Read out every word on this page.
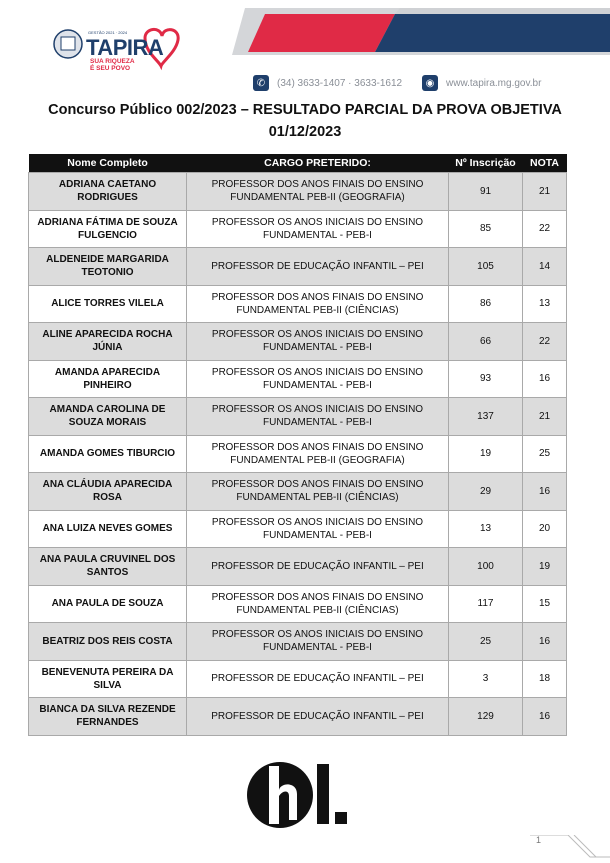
GESTÃO 2021 · 2024
TAPIRA
SUA RIQUEZA É SEU POVO
✆	(34) 3633-1407 · 3633-1612	◉	www.tapira.mg.gov.br
Concurso Público 002/2023 – RESULTADO PARCIAL DA PROVA OBJETIVA
01/12/2023
Nome Completo	CARGO PRETERIDO:	Nº Inscrição	NOTA
ADRIANA CAETANO RODRIGUES	PROFESSOR DOS ANOS FINAIS DO ENSINO FUNDAMENTAL PEB-II (GEOGRAFIA)	91	21
ADRIANA FÁTIMA DE SOUZA FULGENCIO	PROFESSOR OS ANOS INICIAIS DO ENSINO FUNDAMENTAL - PEB-I	85	22
ALDENEIDE MARGARIDA TEOTONIO	PROFESSOR DE EDUCAÇÃO INFANTIL – PEI	105	14
ALICE TORRES VILELA	PROFESSOR DOS ANOS FINAIS DO ENSINO FUNDAMENTAL PEB-II (CIÊNCIAS)	86	13
ALINE APARECIDA ROCHA JÚNIA	PROFESSOR OS ANOS INICIAIS DO ENSINO FUNDAMENTAL - PEB-I	66	22
AMANDA APARECIDA PINHEIRO	PROFESSOR OS ANOS INICIAIS DO ENSINO FUNDAMENTAL - PEB-I	93	16
AMANDA CAROLINA DE SOUZA MORAIS	PROFESSOR OS ANOS INICIAIS DO ENSINO FUNDAMENTAL - PEB-I	137	21
AMANDA GOMES TIBURCIO	PROFESSOR DOS ANOS FINAIS DO ENSINO FUNDAMENTAL PEB-II (GEOGRAFIA)	19	25
ANA CLÁUDIA APARECIDA ROSA	PROFESSOR DOS ANOS FINAIS DO ENSINO FUNDAMENTAL PEB-II (CIÊNCIAS)	29	16
ANA LUIZA NEVES GOMES	PROFESSOR OS ANOS INICIAIS DO ENSINO FUNDAMENTAL - PEB-I	13	20
ANA PAULA CRUVINEL DOS SANTOS	PROFESSOR DE EDUCAÇÃO INFANTIL – PEI	100	19
ANA PAULA DE SOUZA	PROFESSOR DOS ANOS FINAIS DO ENSINO FUNDAMENTAL PEB-II (CIÊNCIAS)	117	15
BEATRIZ DOS REIS COSTA	PROFESSOR OS ANOS INICIAIS DO ENSINO FUNDAMENTAL - PEB-I	25	16
BENEVENUTA PEREIRA DA SILVA	PROFESSOR DE EDUCAÇÃO INFANTIL – PEI	3	18
BIANCA DA SILVA REZENDE FERNANDES	PROFESSOR DE EDUCAÇÃO INFANTIL – PEI	129	16
1
